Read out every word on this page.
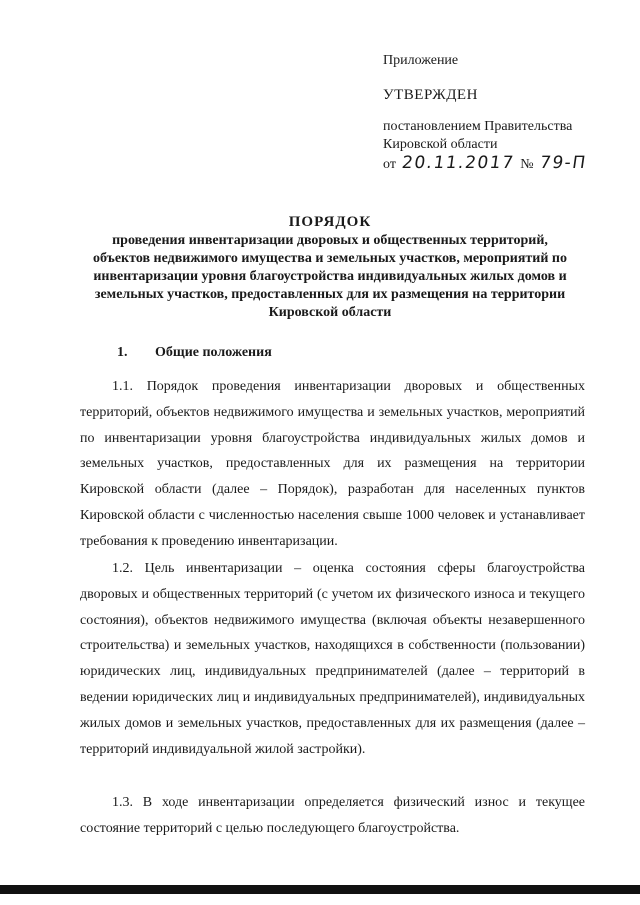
Приложение

УТВЕРЖДЕН

постановлением Правительства

Кировской области

от 20.11.2017 № 79-П

ПОРЯДОК
проведения инвентаризации дворовых и общественных территорий,
объектов недвижимого имущества и земельных участков, мероприятий по
инвентаризации уровня благоустройства индивидуальных жилых домов и
земельных участков, предоставленных для их размещения на территории
Кировской области
1. Общие положения

1.1. Порядок проведения инвентаризации дворовых и общественных территорий, объектов недвижимого имущества и земельных участков, мероприятий по инвентаризации уровня благоустройства индивидуальных жилых домов и земельных участков, предоставленных для их размещения на территории Кировской области (далее – Порядок), разработан для населенных пунктов Кировской области с численностью населения свыше 1000 человек и устанавливает требования к проведению инвентаризации.

1.2. Цель инвентаризации – оценка состояния сферы благоустройства дворовых и общественных территорий (с учетом их физического износа и текущего состояния), объектов недвижимого имущества (включая объекты незавершенного строительства) и земельных участков, находящихся в собственности (пользовании) юридических лиц, индивидуальных предпринимателей (далее – территорий в ведении юридических лиц и индивидуальных предпринимателей), индивидуальных жилых домов и земельных участков, предоставленных для их размещения (далее – территорий индивидуальной жилой застройки).

1.3. В ходе инвентаризации определяется физический износ и текущее состояние территорий с целью последующего благоустройства.
